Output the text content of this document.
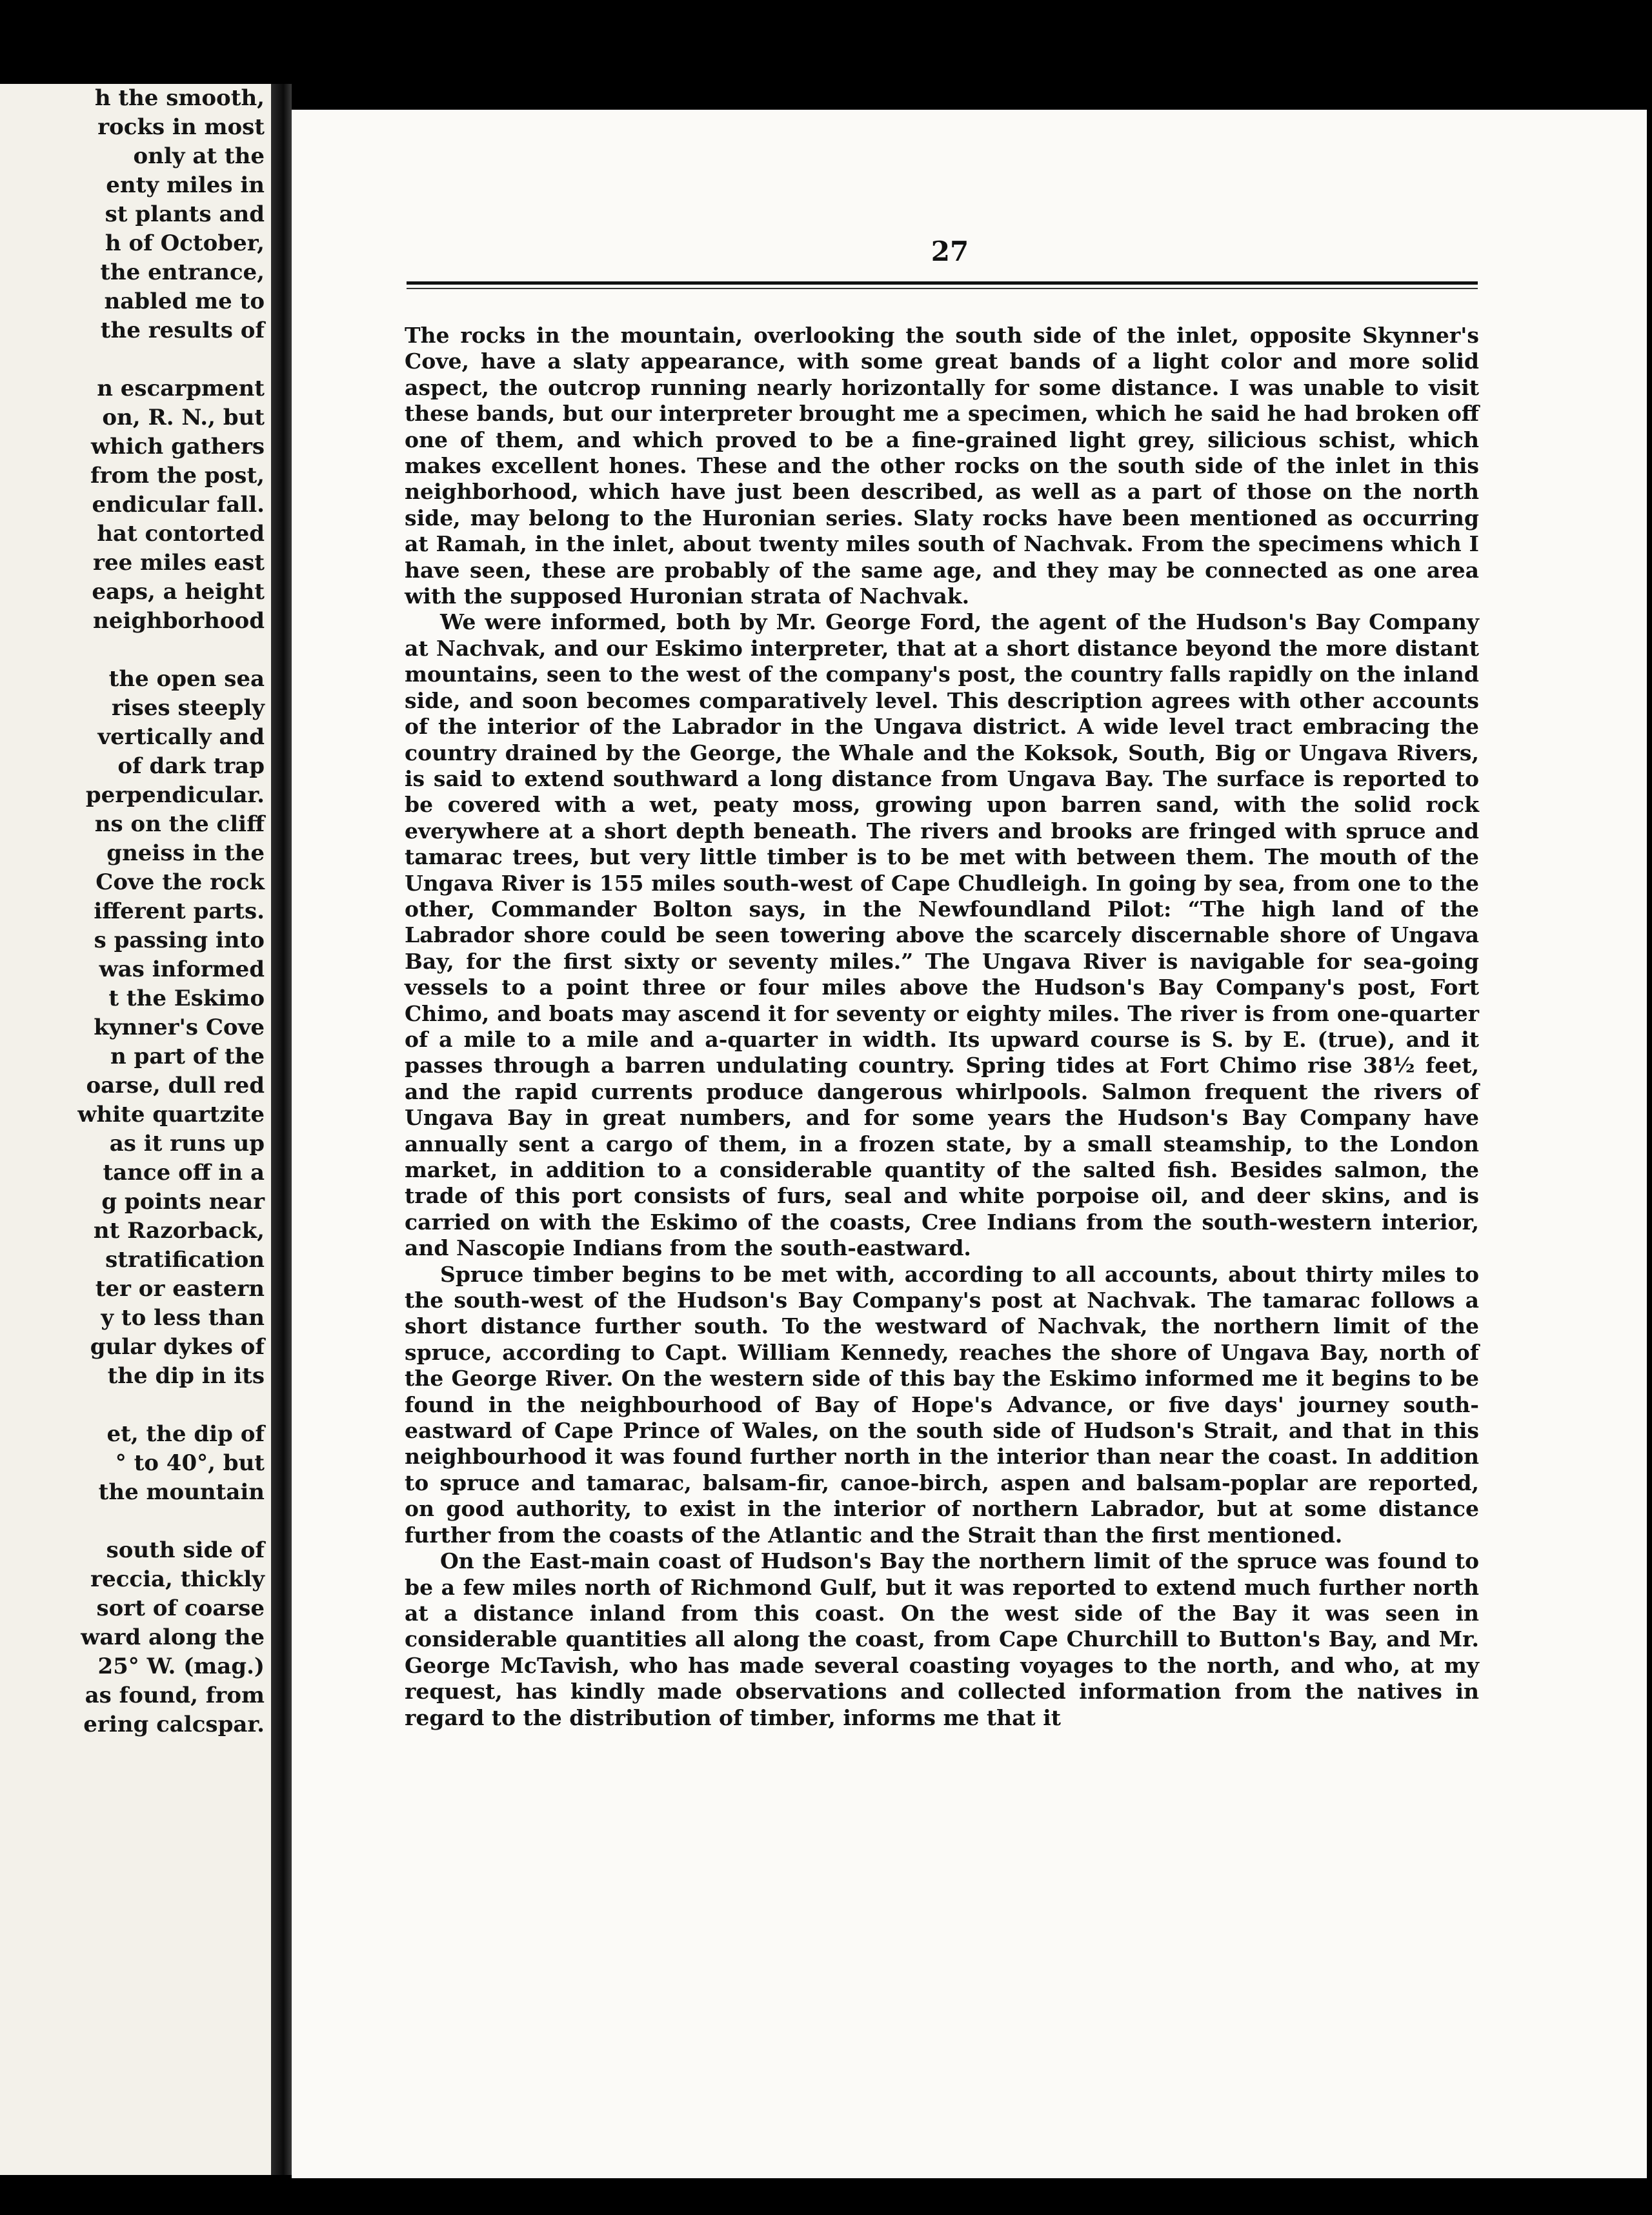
h the smooth,
rocks in most
only at the
enty miles in
st plants and
h of October,
the entrance,
nabled me to
the results of
n escarpment
on, R. N., but
which gathers
from the post,
endicular fall.
hat contorted
ree miles east
eaps, a height
neighborhood
the open sea
rises steeply
vertically and
of dark trap
perpendicular.
ns on the cliff
gneiss in the
Cove the rock
ifferent parts.
s passing into
was informed
t the Eskimo
kynner's Cove
n part of the
oarse, dull red
white quartzite
as it runs up
tance off in a
g points near
nt Razorback,
stratification
ter or eastern
y to less than
gular dykes of
the dip in its
et, the dip of
° to 40°, but
the mountain
south side of
reccia, thickly
sort of coarse
ward along the
25° W. (mag.)
as found, from
ering calcspar.
27

The rocks in the mountain, overlooking the south side of the inlet, opposite Skynner's Cove, have a slaty appearance, with some great bands of a light color and more solid aspect, the outcrop running nearly horizontally for some distance. I was unable to visit these bands, but our interpreter brought me a specimen, which he said he had broken off one of them, and which proved to be a fine-grained light grey, silicious schist, which makes excellent hones. These and the other rocks on the south side of the inlet in this neighborhood, which have just been described, as well as a part of those on the north side, may belong to the Huronian series. Slaty rocks have been mentioned as occurring at Ramah, in the inlet, about twenty miles south of Nachvak. From the specimens which I have seen, these are probably of the same age, and they may be connected as one area with the supposed Huronian strata of Nachvak.

We were informed, both by Mr. George Ford, the agent of the Hudson's Bay Company at Nachvak, and our Eskimo interpreter, that at a short distance beyond the more distant mountains, seen to the west of the company's post, the country falls rapidly on the inland side, and soon becomes comparatively level. This description agrees with other accounts of the interior of the Labrador in the Ungava district. A wide level tract embracing the country drained by the George, the Whale and the Koksok, South, Big or Ungava Rivers, is said to extend southward a long distance from Ungava Bay. The surface is reported to be covered with a wet, peaty moss, growing upon barren sand, with the solid rock everywhere at a short depth beneath. The rivers and brooks are fringed with spruce and tamarac trees, but very little timber is to be met with between them. The mouth of the Ungava River is 155 miles south-west of Cape Chudleigh. In going by sea, from one to the other, Commander Bolton says, in the Newfoundland Pilot: “The high land of the Labrador shore could be seen towering above the scarcely discernable shore of Ungava Bay, for the first sixty or seventy miles.” The Ungava River is navigable for sea-going vessels to a point three or four miles above the Hudson's Bay Company's post, Fort Chimo, and boats may ascend it for seventy or eighty miles. The river is from one-quarter of a mile to a mile and a-quarter in width. Its upward course is S. by E. (true), and it passes through a barren undulating country. Spring tides at Fort Chimo rise 38½ feet, and the rapid currents produce dangerous whirlpools. Salmon frequent the rivers of Ungava Bay in great numbers, and for some years the Hudson's Bay Company have annually sent a cargo of them, in a frozen state, by a small steamship, to the London market, in addition to a considerable quantity of the salted fish. Besides salmon, the trade of this port consists of furs, seal and white porpoise oil, and deer skins, and is carried on with the Eskimo of the coasts, Cree Indians from the south-western interior, and Nascopie Indians from the south-eastward.

Spruce timber begins to be met with, according to all accounts, about thirty miles to the south-west of the Hudson's Bay Company's post at Nachvak. The tamarac follows a short distance further south. To the westward of Nachvak, the northern limit of the spruce, according to Capt. William Kennedy, reaches the shore of Ungava Bay, north of the George River. On the western side of this bay the Eskimo informed me it begins to be found in the neighbourhood of Bay of Hope's Advance, or five days' journey south-eastward of Cape Prince of Wales, on the south side of Hudson's Strait, and that in this neighbourhood it was found further north in the interior than near the coast. In addition to spruce and tamarac, balsam-fir, canoe-birch, aspen and balsam-poplar are reported, on good authority, to exist in the interior of northern Labrador, but at some distance further from the coasts of the Atlantic and the Strait than the first mentioned.

On the East-main coast of Hudson's Bay the northern limit of the spruce was found to be a few miles north of Richmond Gulf, but it was reported to extend much further north at a distance inland from this coast. On the west side of the Bay it was seen in considerable quantities all along the coast, from Cape Churchill to Button's Bay, and Mr. George McTavish, who has made several coasting voyages to the north, and who, at my request, has kindly made observations and collected information from the natives in regard to the distribution of timber, informs me that it
